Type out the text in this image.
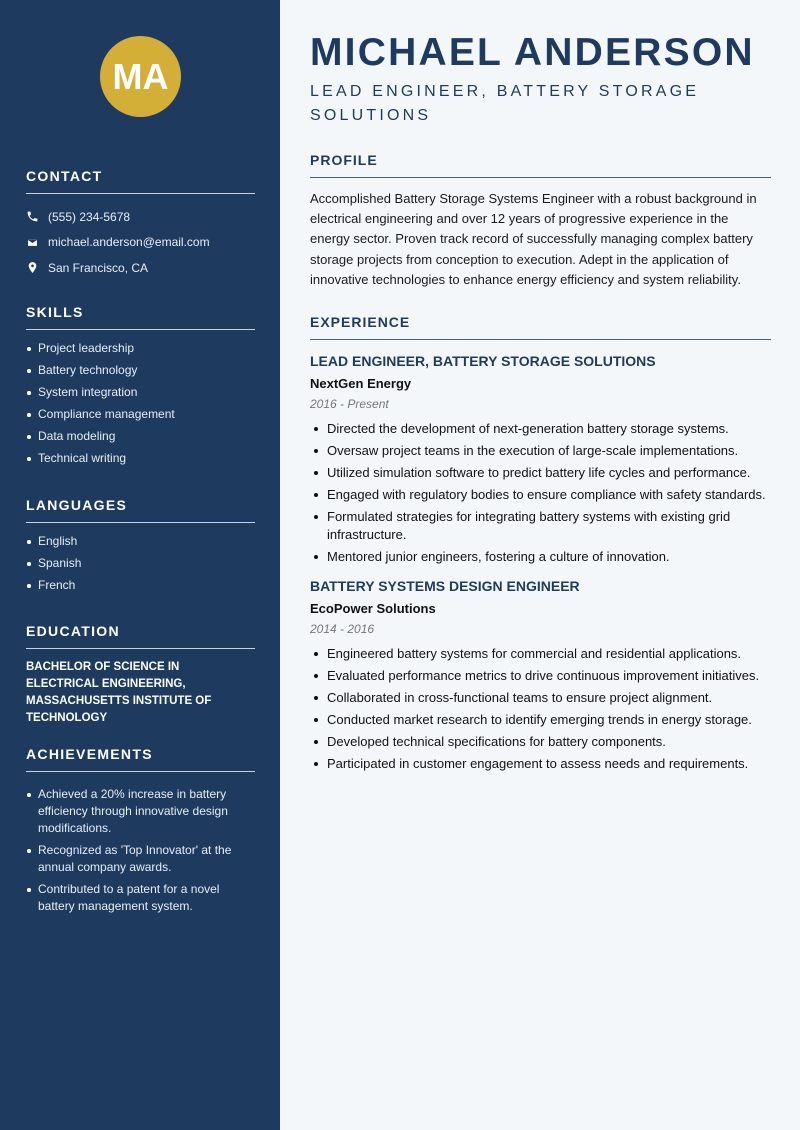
MA
CONTACT
(555) 234-5678
michael.anderson@email.com
San Francisco, CA
SKILLS
Project leadership
Battery technology
System integration
Compliance management
Data modeling
Technical writing
LANGUAGES
English
Spanish
French
EDUCATION
BACHELOR OF SCIENCE IN ELECTRICAL ENGINEERING, MASSACHUSETTS INSTITUTE OF TECHNOLOGY
ACHIEVEMENTS
Achieved a 20% increase in battery efficiency through innovative design modifications.
Recognized as 'Top Innovator' at the annual company awards.
Contributed to a patent for a novel battery management system.
MICHAEL ANDERSON
LEAD ENGINEER, BATTERY STORAGE SOLUTIONS
PROFILE

Accomplished Battery Storage Systems Engineer with a robust background in electrical engineering and over 12 years of progressive experience in the energy sector. Proven track record of successfully managing complex battery storage projects from conception to execution. Adept in the application of innovative technologies to enhance energy efficiency and system reliability.

EXPERIENCE
LEAD ENGINEER, BATTERY STORAGE SOLUTIONS
NextGen Energy
2016 - Present
Directed the development of next-generation battery storage systems.
Oversaw project teams in the execution of large-scale implementations.
Utilized simulation software to predict battery life cycles and performance.
Engaged with regulatory bodies to ensure compliance with safety standards.
Formulated strategies for integrating battery systems with existing grid infrastructure.
Mentored junior engineers, fostering a culture of innovation.
BATTERY SYSTEMS DESIGN ENGINEER
EcoPower Solutions
2014 - 2016
Engineered battery systems for commercial and residential applications.
Evaluated performance metrics to drive continuous improvement initiatives.
Collaborated in cross-functional teams to ensure project alignment.
Conducted market research to identify emerging trends in energy storage.
Developed technical specifications for battery components.
Participated in customer engagement to assess needs and requirements.
